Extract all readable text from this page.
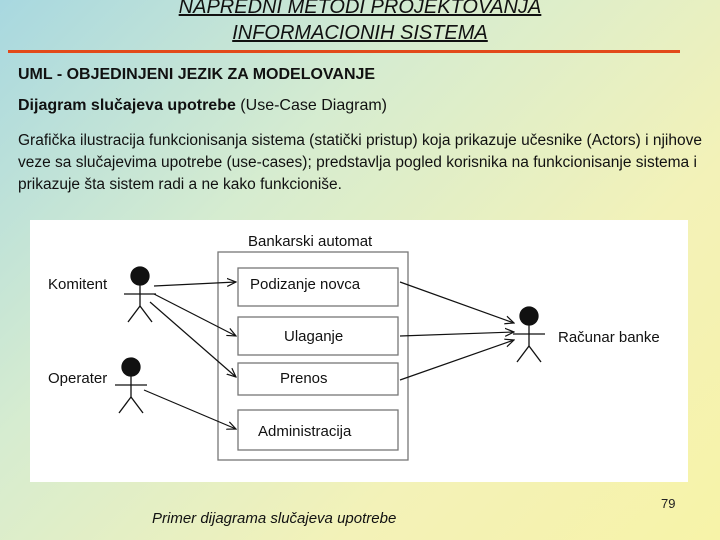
NAPREDNI METODI PROJEKTOVANJA
INFORMACIONIH SISTEMA
UML - OBJEDINJENI JEZIK ZA MODELOVANJE
Dijagram slučajeva upotrebe (Use-Case Diagram)
Grafička ilustracija funkcionisanja sistema (statički pristup) koja prikazuje učesnike (Actors) i njihove veze sa slučajevima upotrebe (use-cases); predstavlja pogled korisnika na funkcionisanje sistema i prikazuje šta sistem radi a ne kako funkcioniše.
Bankarski automat
Podizanje novca
Ulaganje
Prenos
Administracija
Komitent
Operater
Računar banke
Primer dijagrama slučajeva upotrebe
79
